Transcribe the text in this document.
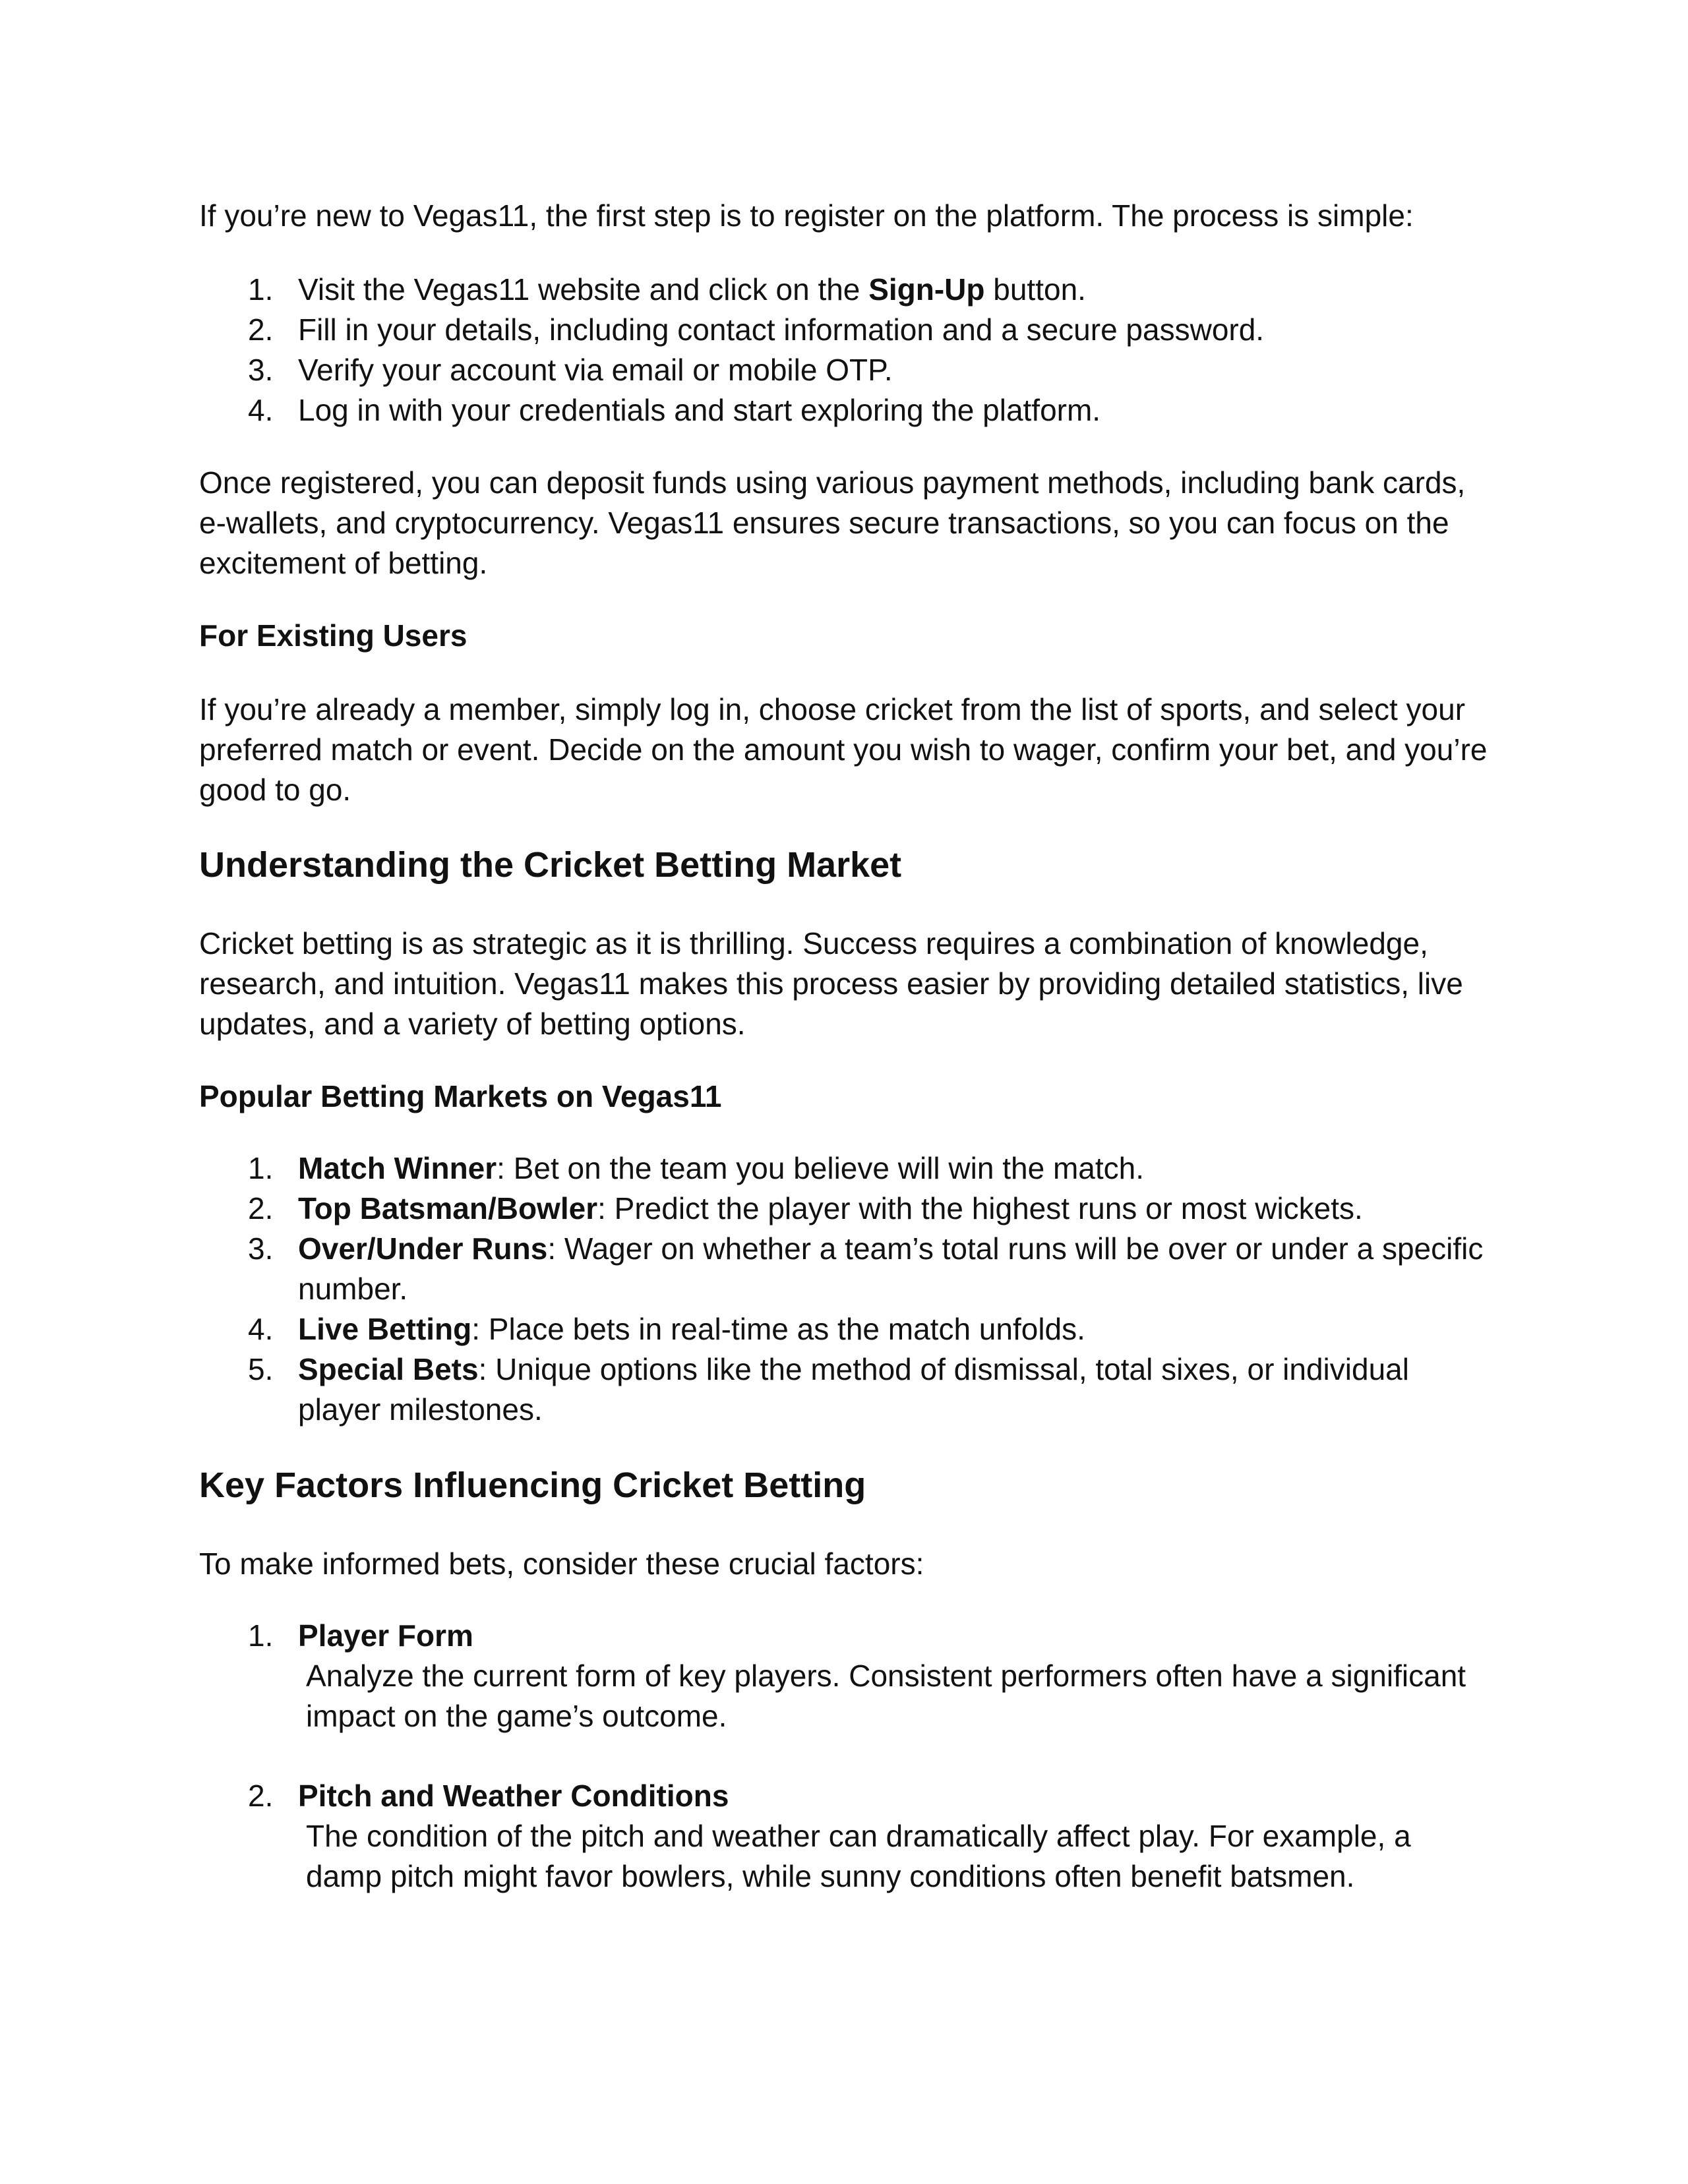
If you’re new to Vegas11, the first step is to register on the platform. The process is simple:
1. Visit the Vegas11 website and click on the Sign-Up button.
2. Fill in your details, including contact information and a secure password.
3. Verify your account via email or mobile OTP.
4. Log in with your credentials and start exploring the platform.
Once registered, you can deposit funds using various payment methods, including bank cards, e-wallets, and cryptocurrency. Vegas11 ensures secure transactions, so you can focus on the excitement of betting.
For Existing Users
If you’re already a member, simply log in, choose cricket from the list of sports, and select your preferred match or event. Decide on the amount you wish to wager, confirm your bet, and you’re good to go.
Understanding the Cricket Betting Market
Cricket betting is as strategic as it is thrilling. Success requires a combination of knowledge, research, and intuition. Vegas11 makes this process easier by providing detailed statistics, live updates, and a variety of betting options.
Popular Betting Markets on Vegas11
1. Match Winner: Bet on the team you believe will win the match.
2. Top Batsman/Bowler: Predict the player with the highest runs or most wickets.
3. Over/Under Runs: Wager on whether a team’s total runs will be over or under a specific number.
4. Live Betting: Place bets in real-time as the match unfolds.
5. Special Bets: Unique options like the method of dismissal, total sixes, or individual player milestones.
Key Factors Influencing Cricket Betting
To make informed bets, consider these crucial factors:
1. Player Form
Analyze the current form of key players. Consistent performers often have a significant impact on the game’s outcome.
2. Pitch and Weather Conditions
The condition of the pitch and weather can dramatically affect play. For example, a damp pitch might favor bowlers, while sunny conditions often benefit batsmen.
